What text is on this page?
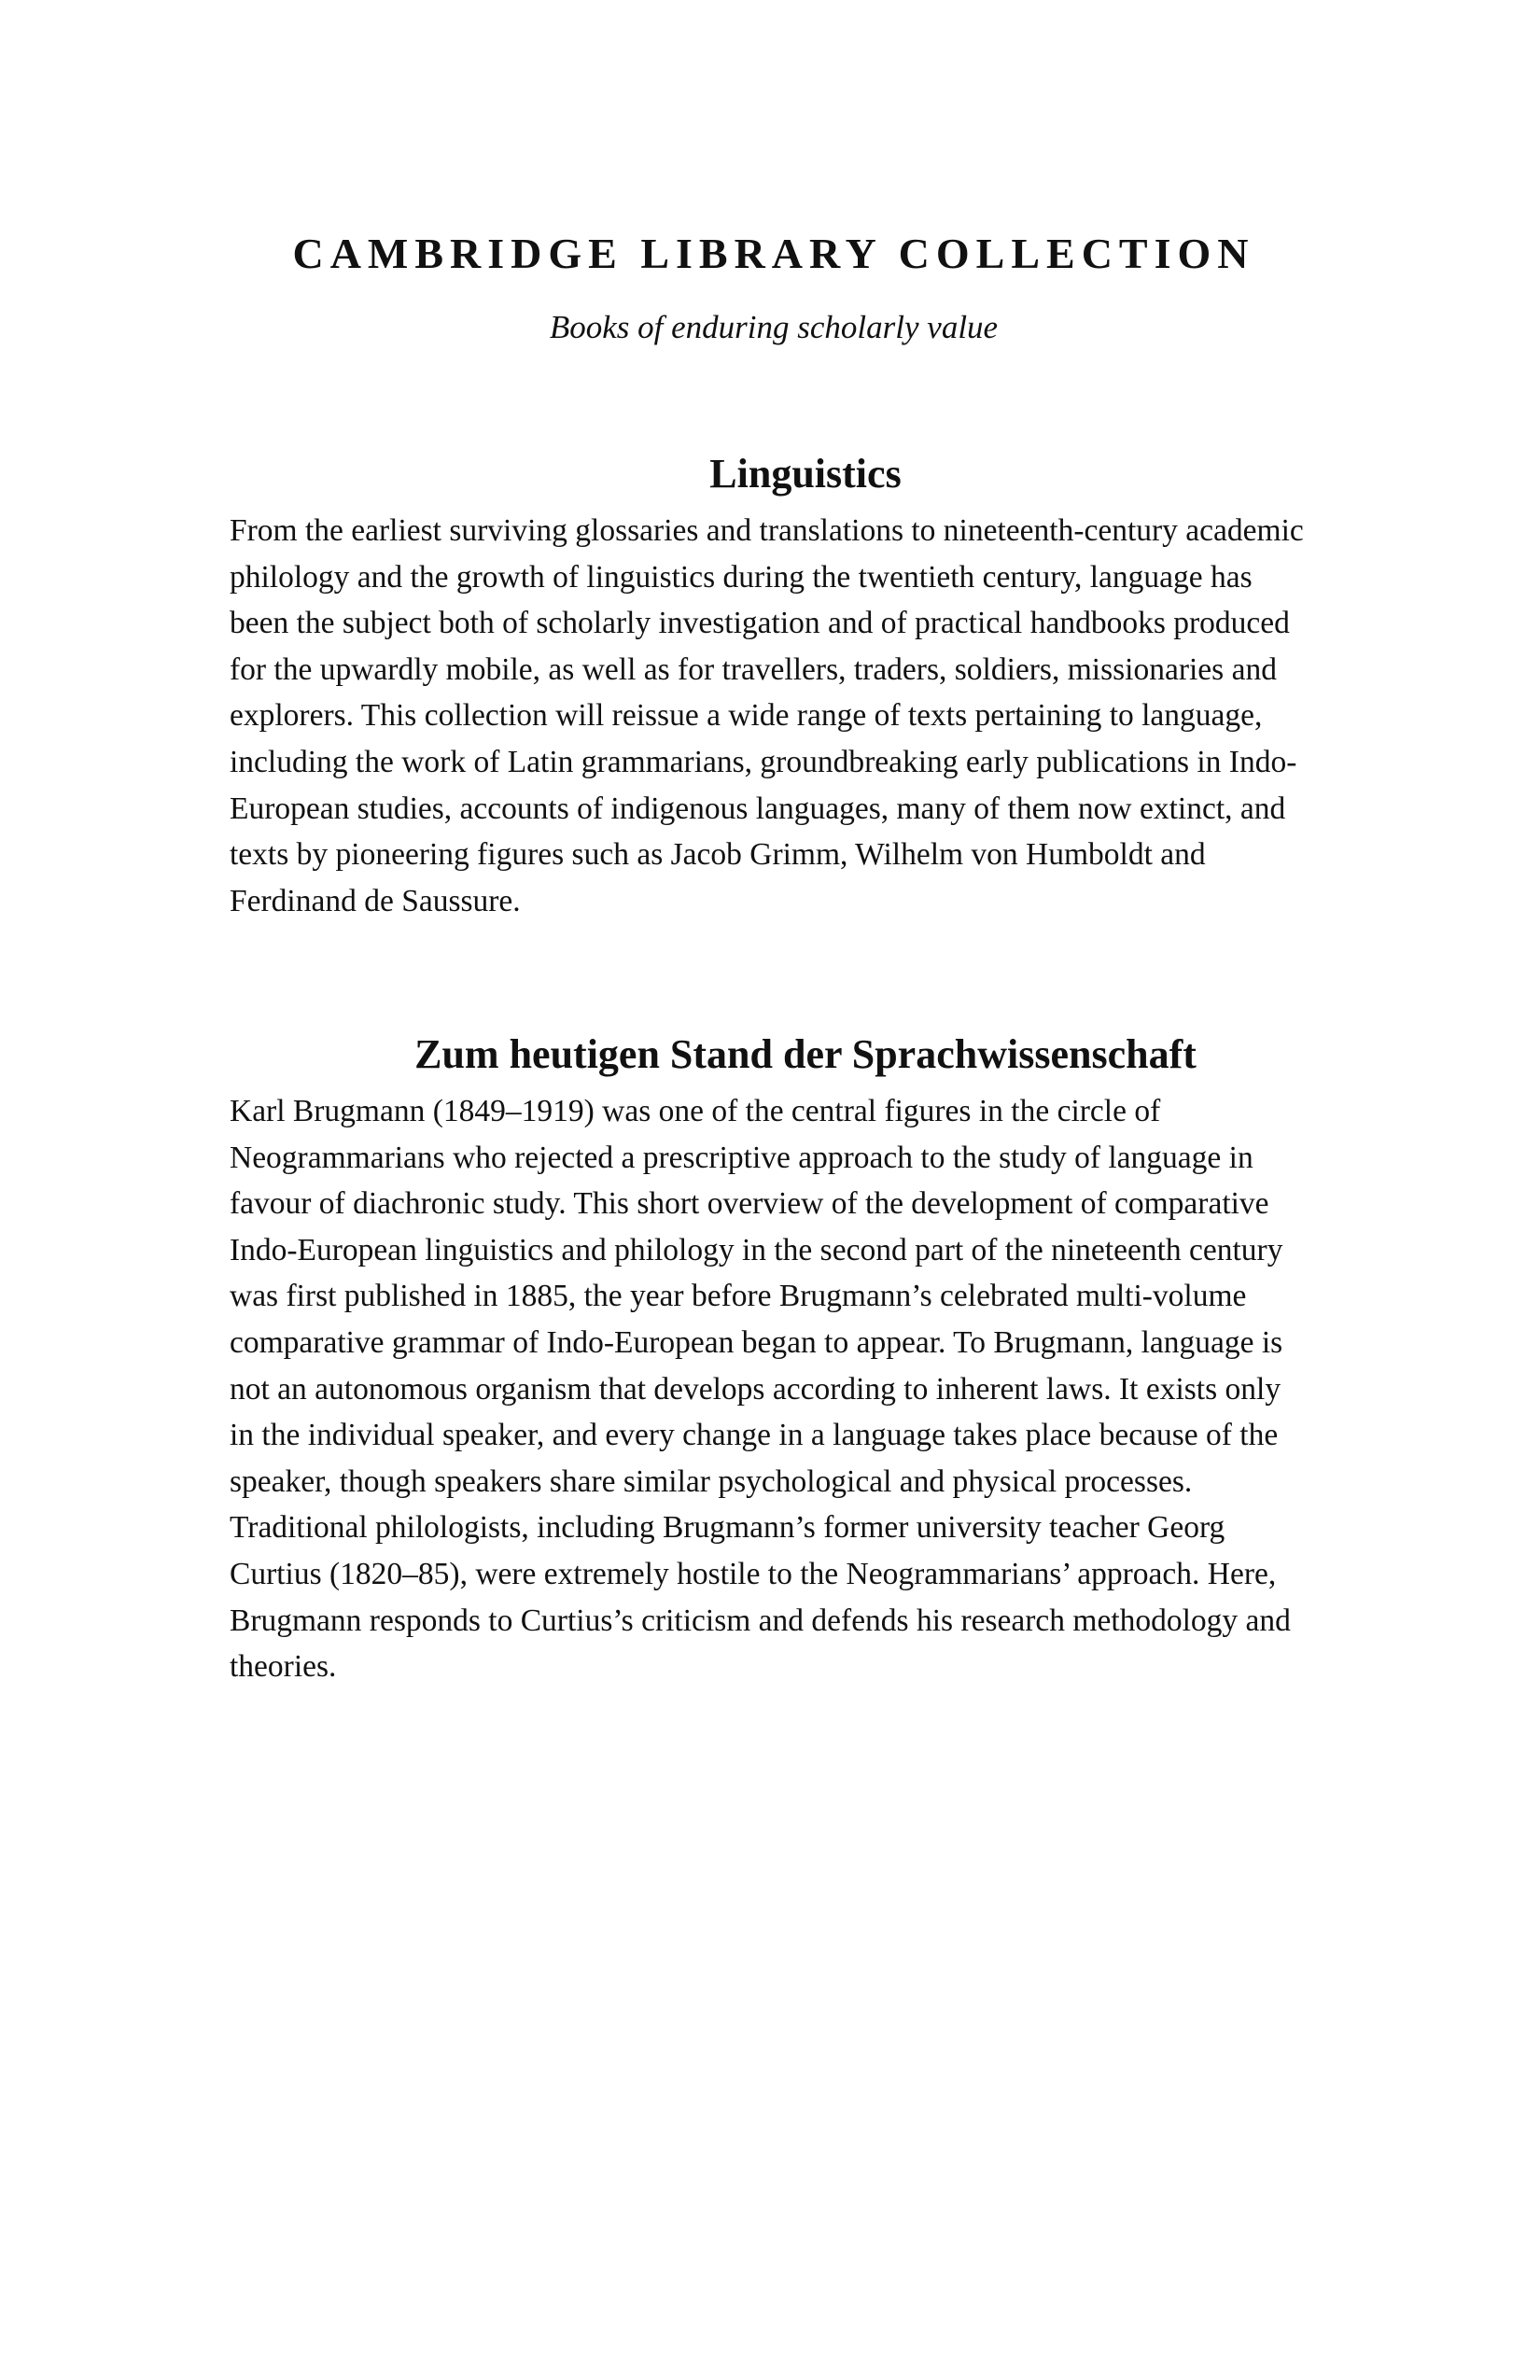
CAMBRIDGE LIBRARY COLLECTION
Books of enduring scholarly value
Linguistics

From the earliest surviving glossaries and translations to nineteenth-century academic philology and the growth of linguistics during the twentieth century, language has been the subject both of scholarly investigation and of practical handbooks produced for the upwardly mobile, as well as for travellers, traders, soldiers, missionaries and explorers. This collection will reissue a wide range of texts pertaining to language, including the work of Latin grammarians, groundbreaking early publications in Indo-European studies, accounts of indigenous languages, many of them now extinct, and texts by pioneering figures such as Jacob Grimm, Wilhelm von Humboldt and Ferdinand de Saussure.

Zum heutigen Stand der Sprachwissenschaft

Karl Brugmann (1849–1919) was one of the central figures in the circle of Neogrammarians who rejected a prescriptive approach to the study of language in favour of diachronic study. This short overview of the development of comparative Indo-European linguistics and philology in the second part of the nineteenth century was first published in 1885, the year before Brugmann’s celebrated multi-volume comparative grammar of Indo-European began to appear. To Brugmann, language is not an autonomous organism that develops according to inherent laws. It exists only in the individual speaker, and every change in a language takes place because of the speaker, though speakers share similar psychological and physical processes. Traditional philologists, including Brugmann’s former university teacher Georg Curtius (1820–85), were extremely hostile to the Neogrammarians’ approach. Here, Brugmann responds to Curtius’s criticism and defends his research methodology and theories.
